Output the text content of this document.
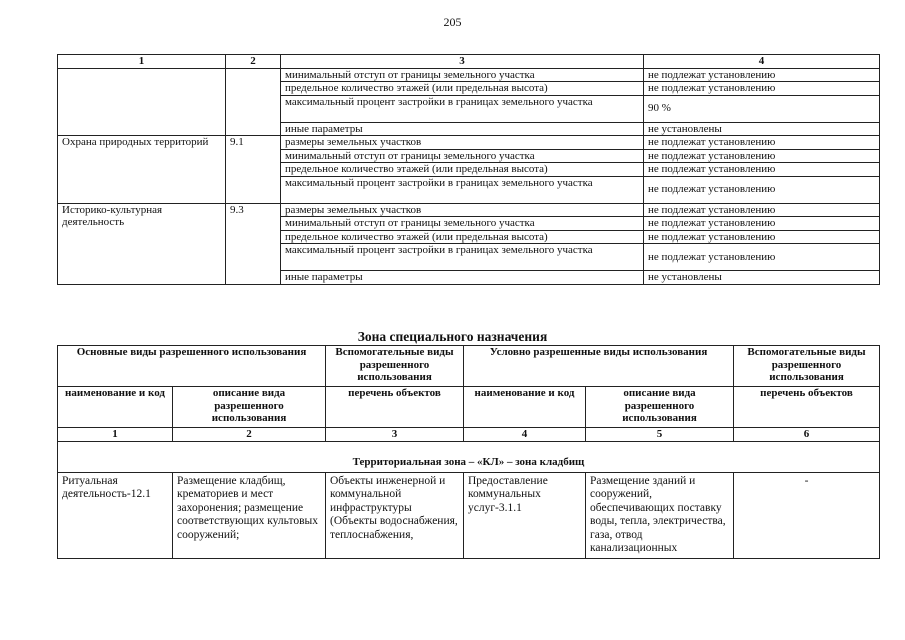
205
1	2	3	4
		минимальный отступ от границы земельного участка	не подлежат установлению
		предельное количество этажей (или предельная высота)	не подлежат установлению
		максимальный процент застройки в границах земельного участка	90 %
		иные параметры	не установлены
Охрана природных территорий	9.1	размеры земельных участков	не подлежат установлению
		минимальный отступ от границы земельного участка	не подлежат установлению
		предельное количество этажей (или предельная высота)	не подлежат установлению
		максимальный процент застройки в границах земельного участка	не подлежат установлению
Историко-культурная деятельность	9.3	размеры земельных участков	не подлежат установлению
		минимальный отступ от границы земельного участка	не подлежат установлению
		предельное количество этажей (или предельная высота)	не подлежат установлению
		максимальный процент застройки в границах земельного участка	не подлежат установлению
		иные параметры	не установлены
Зона специального назначения
Основные виды разрешенного использования		Вспомогательные виды разрешенного использования	Условно разрешенные виды использования		Вспомогательные виды разрешенного использования
наименование и код	описание вида разрешенного использования	перечень объектов	наименование и код	описание вида разрешенного использования	перечень объектов
1	2	3	4	5	6
Территориальная зона – «КЛ» – зона кладбищ					

Ритуальная деятельность-12.1	Размещение кладбищ, крематориев и мест захоронения; размещение соответствующих культовых сооружений;	Объекты инженерной и коммунальной инфраструктуры (Объекты водоснабжения, теплоснабжения,	Предоставление коммунальных услуг-3.1.1	Размещение зданий и сооружений, обеспечивающих поставку воды, тепла, электричества, газа, отвод канализационных	-
